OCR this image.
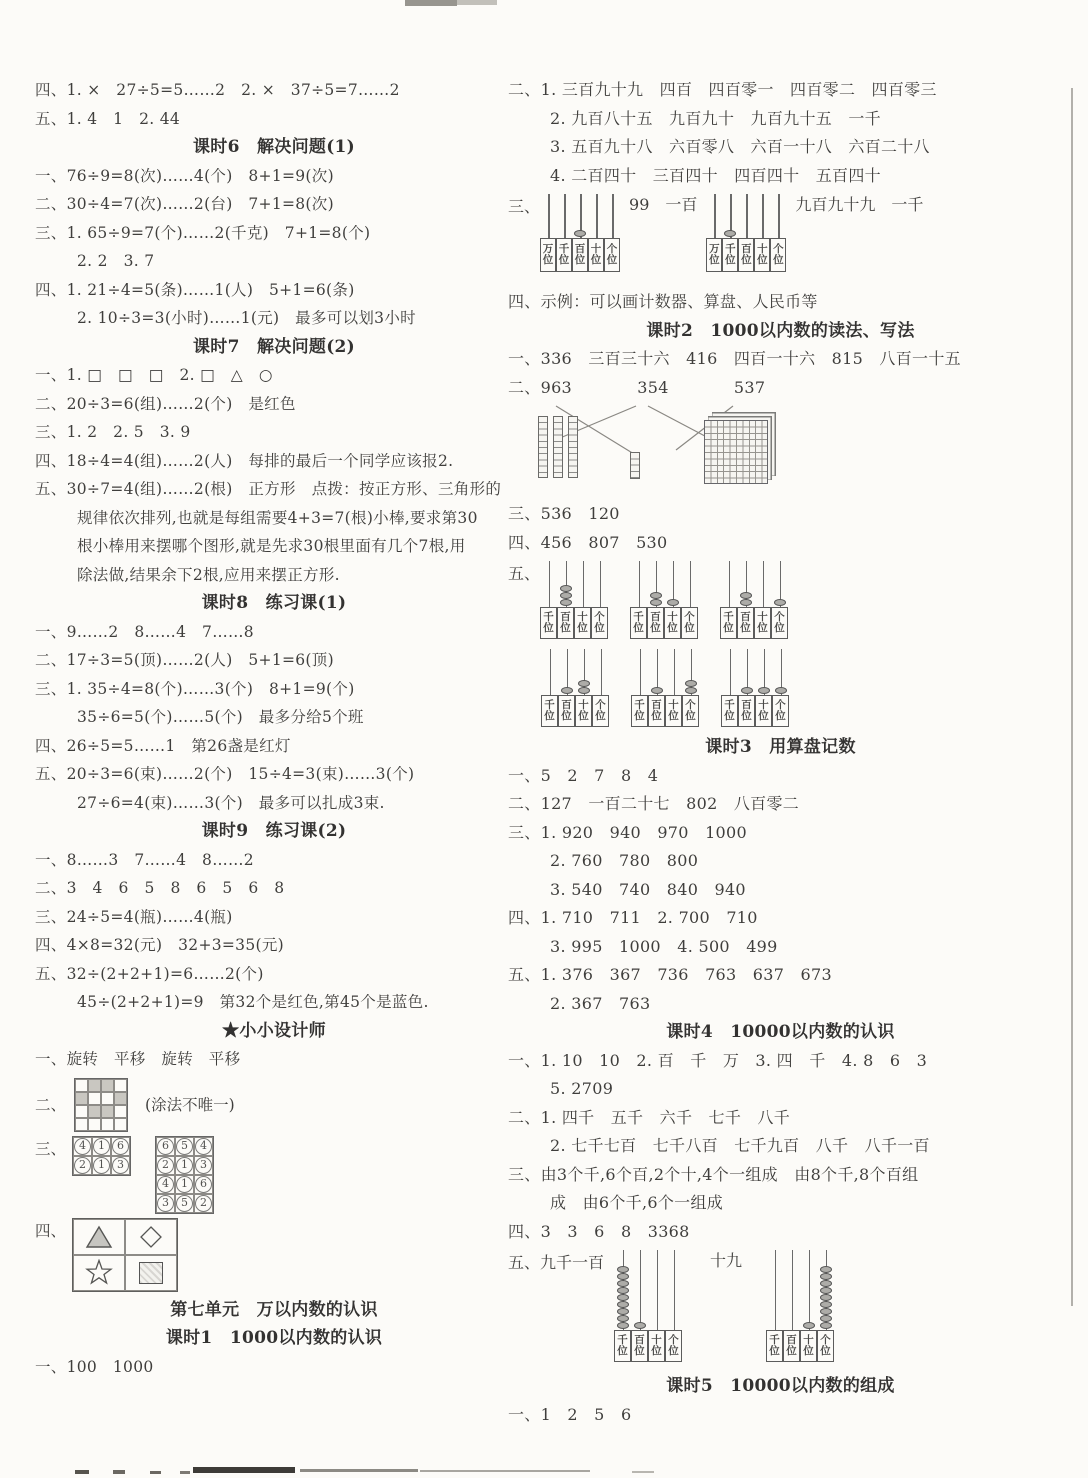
四、1. ×　27÷5=5……2　2. ×　37÷5=7……2
五、1. 4　1　2. 44
课时6　解决问题(1)
一、76÷9=8(次)……4(个)　8+1=9(次)
二、30÷4=7(次)……2(台)　7+1=8(次)
三、1. 65÷9=7(个)……2(千克)　7+1=8(个)
2. 2　3. 7
四、1. 21÷4=5(条)……1(人)　5+1=6(条)
2. 10÷3=3(小时)……1(元)　最多可以划3小时
课时7　解决问题(2)
一、1. □　□　□　2. □　△　○
二、20÷3=6(组)……2(个)　是红色
三、1. 2　2. 5　3. 9
四、18÷4=4(组)……2(人)　每排的最后一个同学应该报2.
五、30÷7=4(组)……2(根)　正方形　点拨：按正方形、三角形的
规律依次排列,也就是每组需要4+3=7(根)小棒,要求第30
根小棒用来摆哪个图形,就是先求30根里面有几个7根,用
除法做,结果余下2根,应用来摆正方形.
课时8　练习课(1)
一、9……2　8……4　7……8
二、17÷3=5(顶)……2(人)　5+1=6(顶)
三、1. 35÷4=8(个)……3(个)　8+1=9(个)
35÷6=5(个)……5(个)　最多分给5个班
四、26÷5=5……1　第26盏是红灯
五、20÷3=6(束)……2(个)　15÷4=3(束)……3(个)
27÷6=4(束)……3(个)　最多可以扎成3束.
课时9　练习课(2)
一、8……3　7……4　8……2
二、3　4　6　5　8　6　5　6　8
三、24÷5=4(瓶)……4(瓶)
四、4×8=32(元)　32+3=35(元)
五、32÷(2+2+1)=6……2(个)
45÷(2+2+1)=9　第32个是红色,第45个是蓝色.
★小小设计师
一、旋转　平移　旋转　平移
二、	(涂法不唯一)
三、	4	1	6
2	1	3
6	5	4
2	1	3
4	1	6
3	5	2
四、
第七单元　万以内数的认识
课时1　1000以内数的认识
一、100　1000
二、1. 三百九十九　四百　四百零一　四百零二　四百零三
2. 九百八十五　九百九十　九百九十五　一千
3. 五百九十八　六百零八　六百一十八　六百二十八
4. 二百四十　三百四十　四百四十　五百四十
三、
万
位
千
位
百
位
十
位
个
位
99　一百
万
位
千
位
百
位
十
位
个
位
九百九十九　一千
四、示例：可以画计数器、算盘、人民币等
课时2　1000以内数的读法、写法
一、336　三百三十六　416　四百一十六　815　八百一十五
二、963　　　　354　　　　537
三、536　120
四、456　807　530
五、
千
位
百
位
十
位
个
位
千
位
百
位
十
位
个
位
千
位
百
位
十
位
个
位
千
位
百
位
十
位
个
位
千
位
百
位
十
位
个
位
千
位
百
位
十
位
个
位
课时3　用算盘记数
一、5　2　7　8　4
二、127　一百二十七　802　八百零二
三、1. 920　940　970　1000
2. 760　780　800
3. 540　740　840　940
四、1. 710　711　2. 700　710
3. 995　1000　4. 500　499
五、1. 376　367　736　763　637　673
2. 367　763
课时4　10000以内数的认识
一、1. 10　10　2. 百　千　万　3. 四　千　4. 8　6　3
5. 2709
二、1. 四千　五千　六千　七千　八千
2. 七千七百　七千八百　七千九百　八千　八千一百
三、由3个千,6个百,2个十,4个一组成　由8个千,8个百组
成　由6个千,6个一组成
四、3　3　6　8　3368
五、九千一百
千
位
百
位
十
位
个
位
十九
千
位
百
位
十
位
个
位
课时5　10000以内数的组成
一、1　2　5　6
